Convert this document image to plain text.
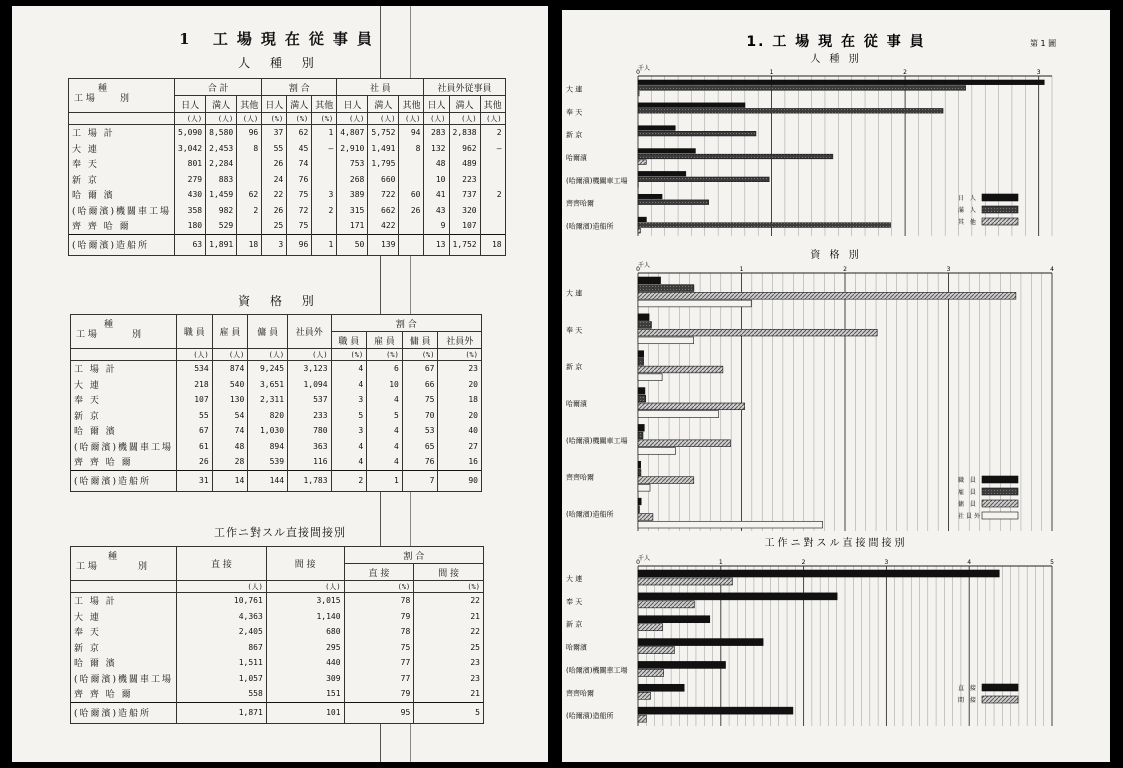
1 工場現在従事員
人 種 別
種
別
工 場	合 計			割 合			社 員			社員外従事員		
	日人	満人	其他	日人	満人	其他	日人	満人	其他	日人	満人	其他
	(人)	(人)	(人)	(%)	(%)	(%)	(人)	(人)	(人)	(人)	(人)	(人)
工 場 計	5,090	8,580	96	37	62	1	4,807	5,752	94	283	2,838	2
大 連	3,042	2,453	8	55	45	—	2,910	1,491	8	132	962	—
奉 天	801	2,284		26	74		753	1,795		48	489	
新 京	279	883		24	76		268	660		10	223	
哈 爾 濱	430	1,459	62	22	75	3	389	722	60	41	737	2
(哈爾濱)機關車工場	358	982	2	26	72	2	315	662	26	43	320	
齊 齊 哈 爾	180	529		25	75		171	422		9	107	
(哈爾濱)造船所	63	1,891	18	3	96	1	50	139		13	1,752	18
資 格 別
種
別
工 場	職 員	雇 員	傭 員	社員外	割 合			
					職 員	雇 員	傭 員	社員外
	(人)	(人)	(人)	(人)	(%)	(%)	(%)	(%)
工 場 計	534	874	9,245	3,123	4	6	67	23
大 連	218	540	3,651	1,094	4	10	66	20
奉 天	107	130	2,311	537	3	4	75	18
新 京	55	54	820	233	5	5	70	20
哈 爾 濱	67	74	1,030	780	3	4	53	40
(哈爾濱)機關車工場	61	48	894	363	4	4	65	27
齊 齊 哈 爾	26	28	539	116	4	4	76	16
(哈爾濱)造船所	31	14	144	1,783	2	1	7	90
工作ニ對スル直接間接別
種
別
工 場	直 接	間 接	割 合	
			直 接	間 接
	(人)	(人)	(%)	(%)
工 場 計	10,761	3,015	78	22
大 連	4,363	1,140	79	21
奉 天	2,405	680	78	22
新 京	867	295	75	25
哈 爾 濱	1,511	440	77	23
(哈爾濱)機關車工場	1,057	309	77	23
齊 齊 哈 爾	558	151	79	21
(哈爾濱)造船所	1,871	101	95	5
1. 工 場 現 在 従 事 員	第 1 圖
人 種 別
千人
0	1	2	3
大 連
奉 天
新 京
哈爾濱
(哈爾濱)機關車工場
齊齊哈爾
(哈爾濱)造船所
日 人
滿 人
其 他
資 格 別
千人
0	1	2	3	4
大 連
奉 天
新 京
哈爾濱
(哈爾濱)機關車工場
齊齊哈爾
(哈爾濱)造船所
職 員
雇 員
傭 員
社員外
工作ニ對スル直接間接別
千人
0	1	2	3	4	5
大 連
奉 天
新 京
哈爾濱
(哈爾濱)機關車工場
齊齊哈爾
(哈爾濱)造船所
直 接
間 接
